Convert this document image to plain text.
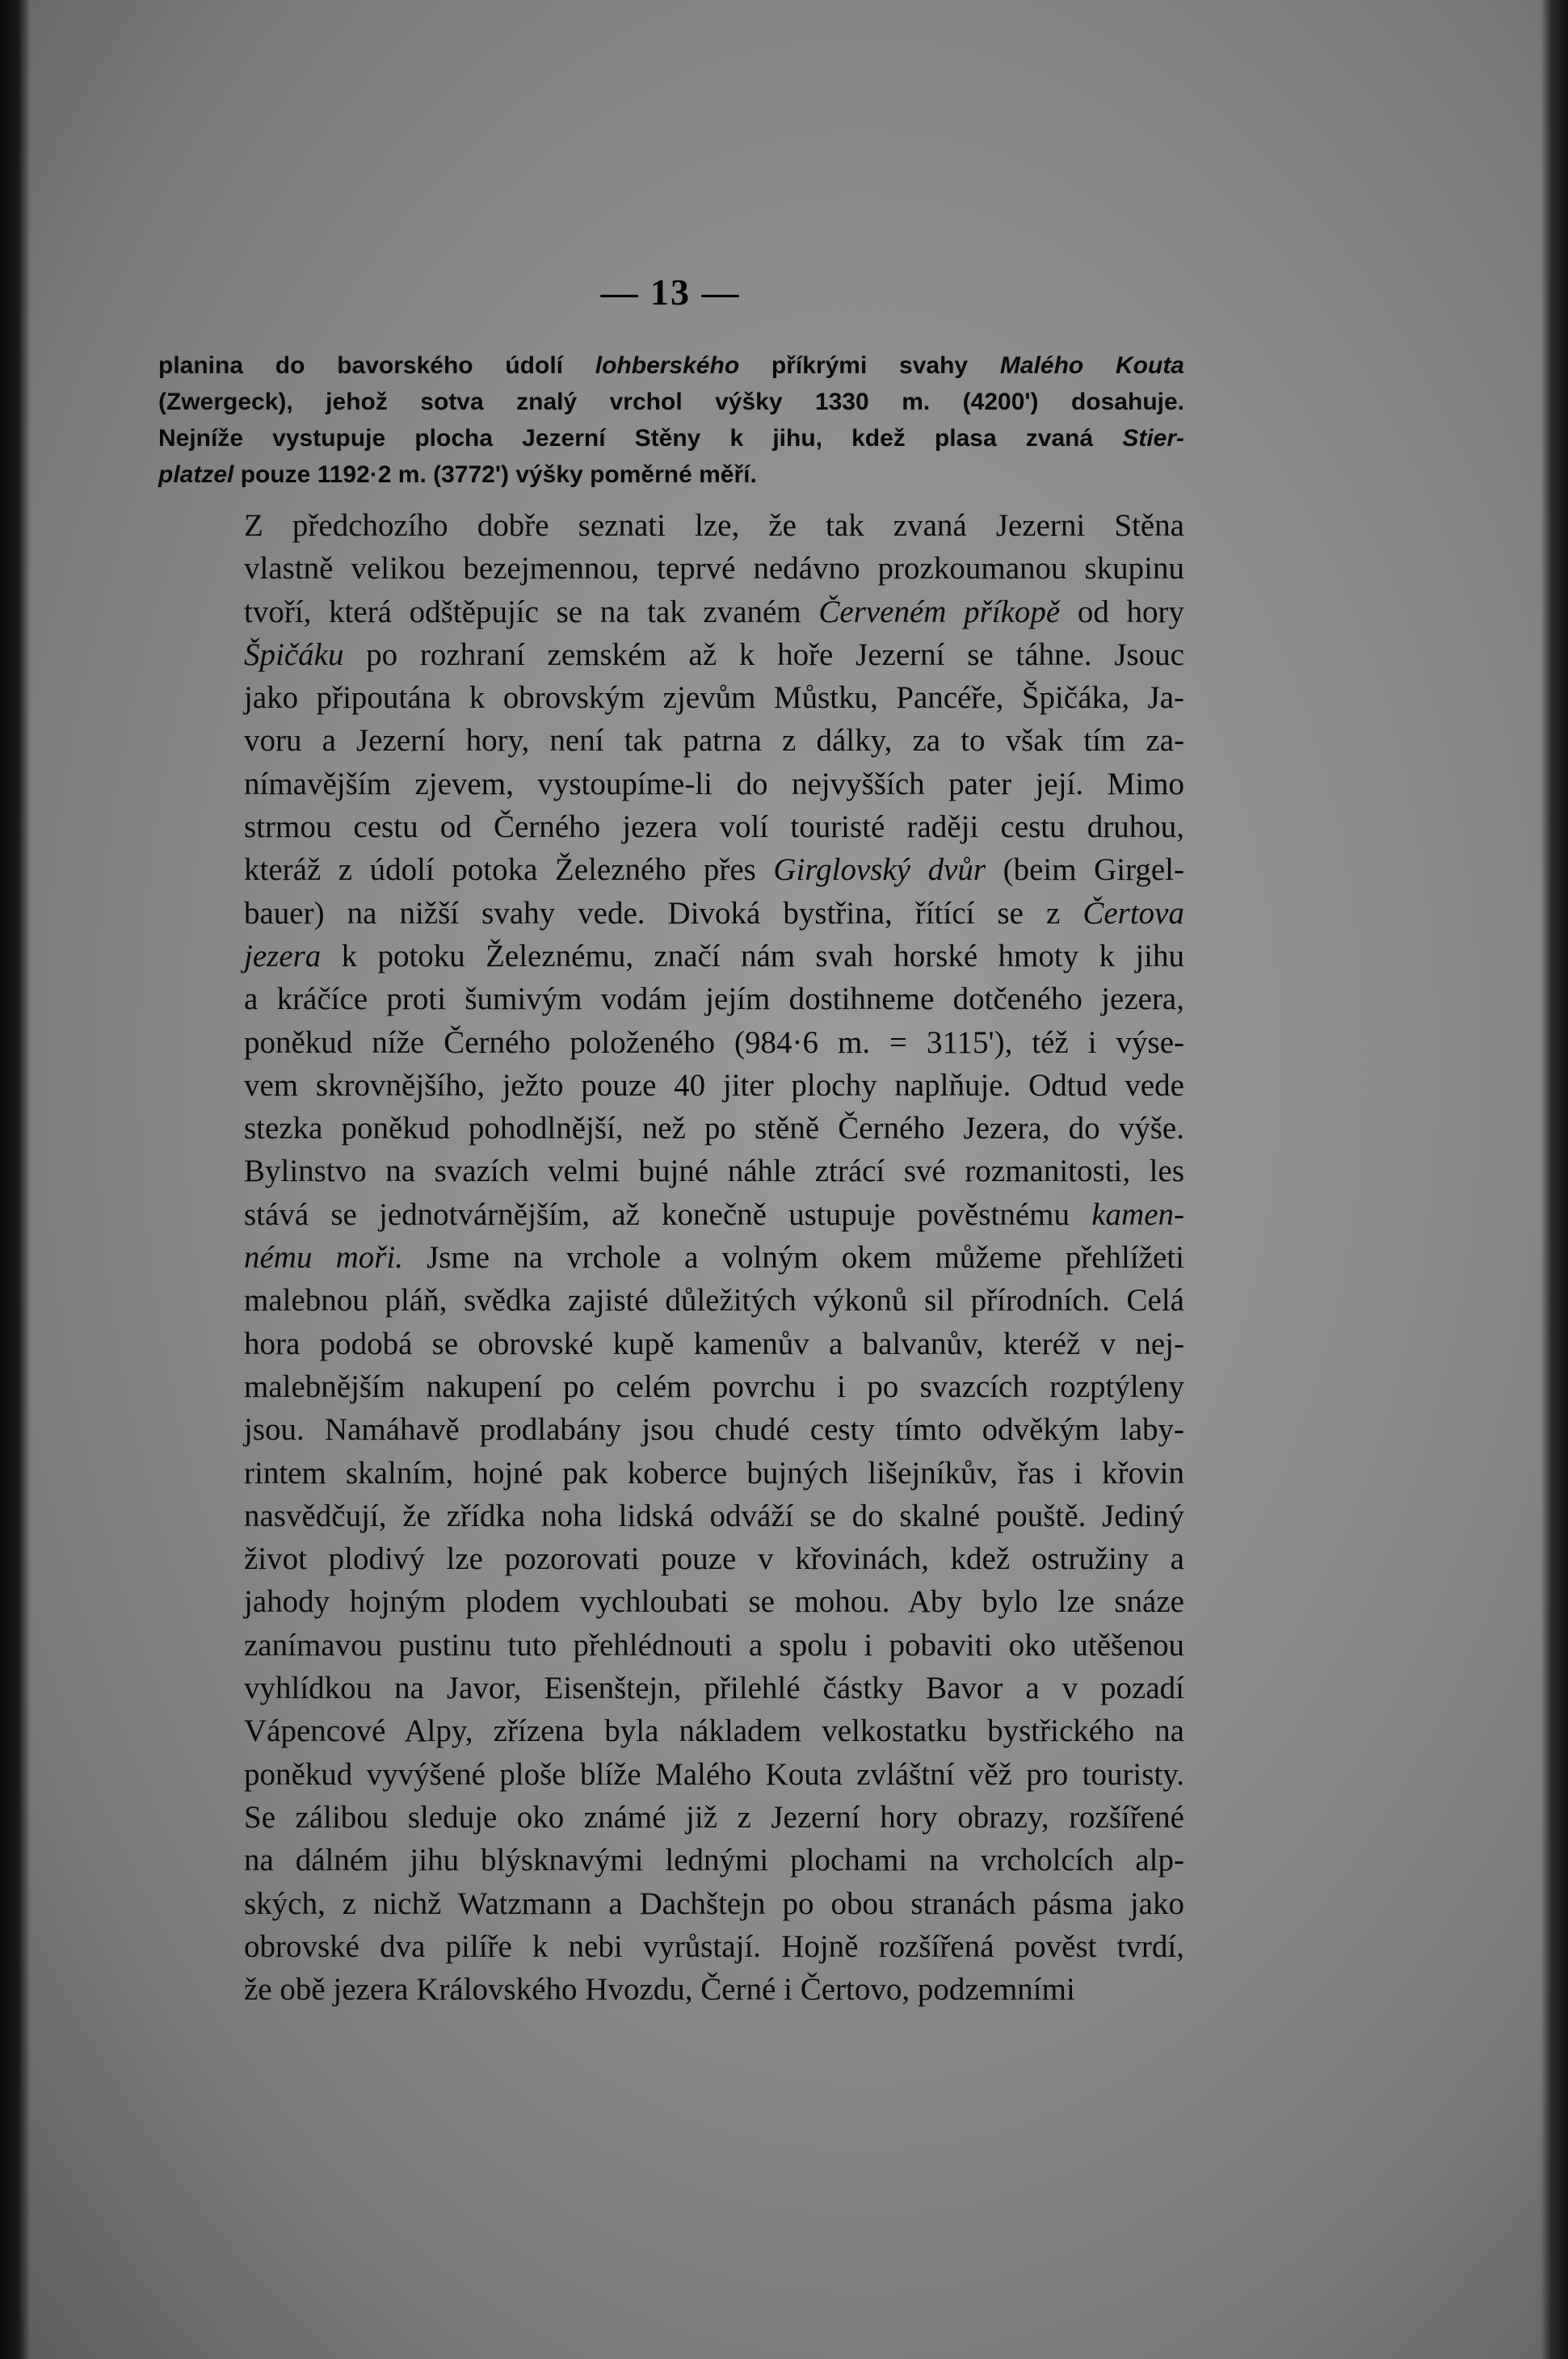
— 13 —

planina do bavorského údolí lohberského příkrými svahy Malého Kouta
(Zwergeck), jehož sotva znalý vrchol výšky 1330 m. (4200') dosahuje.
Nejníže vystupuje plocha Jezerní Stěny k jihu, kdež plasa zvaná Stier-
platzel pouze 1192·2 m. (3772') výšky poměrné měří.

Z předchozího dobře seznati lze, že tak zvaná Jezerni Stěna
vlastně velikou bezejmennou, teprvé nedávno prozkoumanou skupinu
tvoří, která odštěpujíc se na tak zvaném Červeném příkopě od hory
Špičáku po rozhraní zemském až k hoře Jezerní se táhne. Jsouc
jako připoutána k obrovským zjevům Můstku, Pancéře, Špičáka, Ja-
voru a Jezerní hory, není tak patrna z dálky, za to však tím za-
nímavějším zjevem, vystoupíme-li do nejvyšších pater její. Mimo
strmou cestu od Černého jezera volí touristé raději cestu druhou,
kteráž z údolí potoka Železného přes Girglovský dvůr (beim Girgel-
bauer) na nižší svahy vede. Divoká bystřina, řítící se z Čertova
jezera k potoku Železnému, značí nám svah horské hmoty k jihu
a kráčíce proti šumivým vodám jejím dostihneme dotčeného jezera,
poněkud níže Černého položeného (984·6 m. = 3115'), též i výse-
vem skrovnějšího, ježto pouze 40 jiter plochy naplňuje. Odtud vede
stezka poněkud pohodlnější, než po stěně Černého Jezera, do výše.
Bylinstvo na svazích velmi bujné náhle ztrácí své rozmanitosti, les
stává se jednotvárnějším, až konečně ustupuje pověstnému kamen-
nému moři. Jsme na vrchole a volným okem můžeme přehlížeti
malebnou pláň, svědka zajisté důležitých výkonů sil přírodních. Celá
hora podobá se obrovské kupě kamenův a balvanův, kteréž v nej-
malebnějším nakupení po celém povrchu i po svazcích rozptýleny
jsou. Namáhavě prodlabány jsou chudé cesty tímto odvěkým laby-
rintem skalním, hojné pak koberce bujných lišejníkův, řas i křovin
nasvědčují, že zřídka noha lidská odváží se do skalné pouště. Jediný
život plodivý lze pozorovati pouze v křovinách, kdež ostružiny a
jahody hojným plodem vychloubati se mohou. Aby bylo lze snáze
zanímavou pustinu tuto přehlédnouti a spolu i pobaviti oko utěšenou
vyhlídkou na Javor, Eisenštejn, přilehlé částky Bavor a v pozadí
Vápencové Alpy, zřízena byla nákladem velkostatku bystřického na
poněkud vyvýšené ploše blíže Malého Kouta zvláštní věž pro touristy.
Se zálibou sleduje oko známé již z Jezerní hory obrazy, rozšířené
na dálném jihu blýsknavými lednými plochami na vrcholcích alp-
ských, z nichž Watzmann a Dachštejn po obou stranách pásma jako
obrovské dva pilíře k nebi vyrůstají. Hojně rozšířená pověst tvrdí,
že obě jezera Královského Hvozdu, Černé i Čertovo, podzemními
